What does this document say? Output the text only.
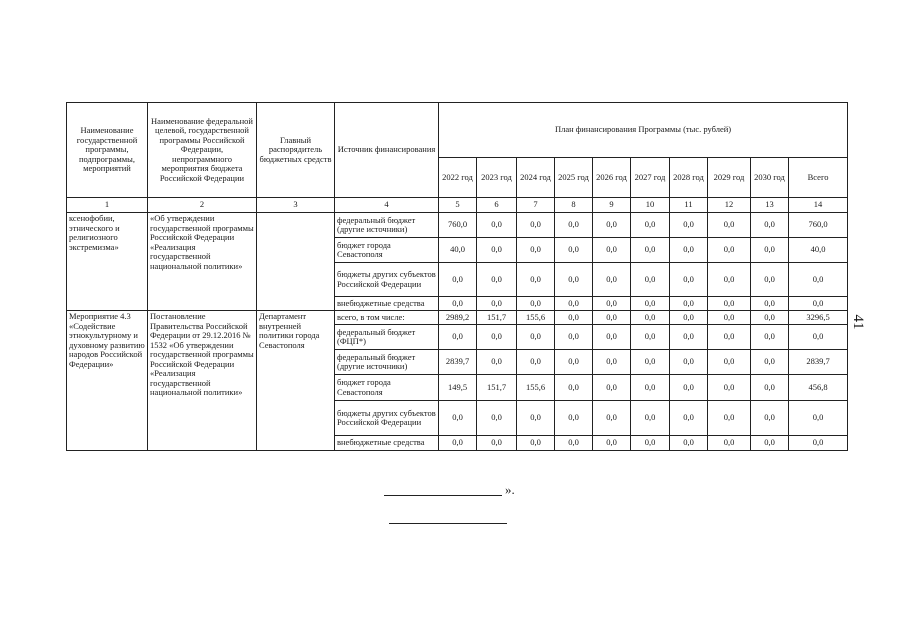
Наименование государственной программы, подпрограммы, мероприятий	Наименование федеральной целевой, государственной программы Российской Федерации, непрограммного мероприятия бюджета Российской Федерации	Главный распорядитель бюджетных средств	Источник финансирования	План финансирования Программы (тыс. рублей)									
				2022 год	2023 год	2024 год	2025 год	2026 год	2027 год	2028 год	2029 год	2030 год	Всего
1	2	3	4	5	6	7	8	9	10	11	12	13	14
ксенофобии, этнического и религиозного экстремизма»	«Об утверждении государственной программы Российской Федерации «Реализация государственной национальной политики»		федеральный бюджет (другие источники)	760,0	0,0	0,0	0,0	0,0	0,0	0,0	0,0	0,0	760,0
			бюджет города Севастополя	40,0	0,0	0,0	0,0	0,0	0,0	0,0	0,0	0,0	40,0
			бюджеты других субъектов Российской Федерации	0,0	0,0	0,0	0,0	0,0	0,0	0,0	0,0	0,0	0,0
			внебюджетные средства	0,0	0,0	0,0	0,0	0,0	0,0	0,0	0,0	0,0	0,0
Мероприятие 4.3 «Содействие этнокультурному и духовному развитию народов Российской Федерации»	Постановление Правительства Российской Федерации от 29.12.2016 № 1532 «Об утверждении государственной программы Российской Федерации «Реализация государственной национальной политики»	Департамент внутренней политики города Севастополя	всего, в том числе:	2989,2	151,7	155,6	0,0	0,0	0,0	0,0	0,0	0,0	3296,5
			федеральный бюджет (ФЦП*)	0,0	0,0	0,0	0,0	0,0	0,0	0,0	0,0	0,0	0,0
			федеральный бюджет (другие источники)	2839,7	0,0	0,0	0,0	0,0	0,0	0,0	0,0	0,0	2839,7
			бюджет города Севастополя	149,5	151,7	155,6	0,0	0,0	0,0	0,0	0,0	0,0	456,8
			бюджеты других субъектов Российской Федерации	0,0	0,0	0,0	0,0	0,0	0,0	0,0	0,0	0,0	0,0
			внебюджетные средства	0,0	0,0	0,0	0,0	0,0	0,0	0,0	0,0	0,0	0,0
».
41
